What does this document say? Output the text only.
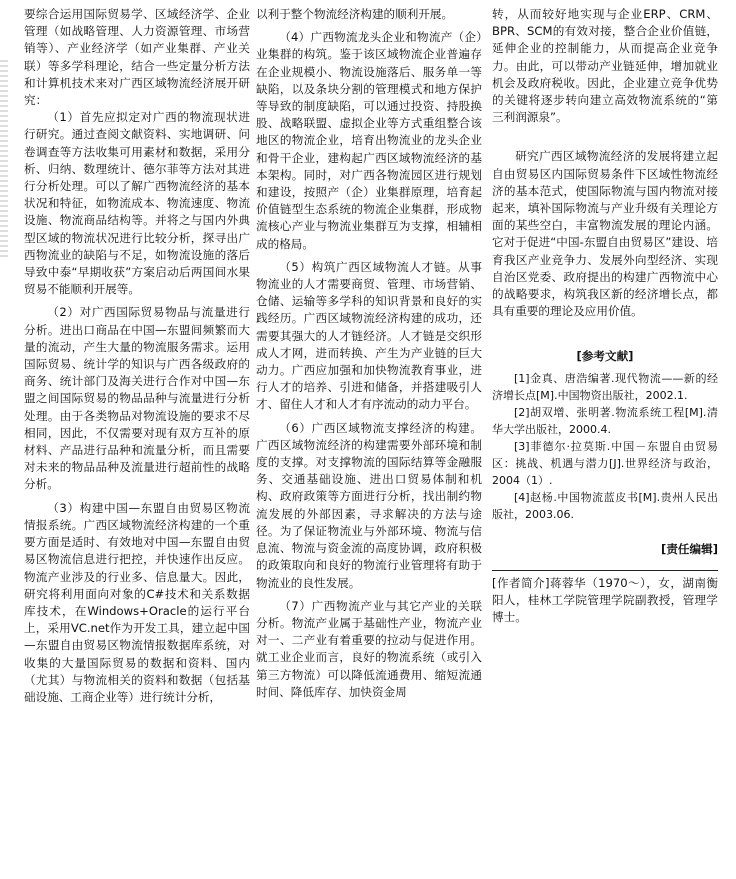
要综合运用国际贸易学、区域经济学、企业管理（如战略管理、人力资源管理、市场营销等）、产业经济学（如产业集群、产业关联）等多学科理论，结合一些定量分析方法和计算机技术来对广西区域物流经济展开研究：

（1）首先应拟定对广西的物流现状进行研究。通过查阅文献资料、实地调研、问卷调查等方法收集可用素材和数据，采用分析、归纳、数理统计、德尔菲等方法对其进行分析处理。可以了解广西物流经济的基本状况和特征，如物流成本、物流速度、物流设施、物流商品结构等。并将之与国内外典型区域的物流状况进行比较分析，探寻出广西物流业的缺陷与不足，如物流设施的落后导致中泰“早期收获”方案启动后两国间水果贸易不能顺利开展等。

（2）对广西国际贸易物品与流量进行分析。进出口商品在中国—东盟间频繁而大量的流动，产生大量的物流服务需求。运用国际贸易、统计学的知识与广西各级政府的商务、统计部门及海关进行合作对中国—东盟之间国际贸易的物品品种与流量进行分析处理。由于各类物品对物流设施的要求不尽相同，因此，不仅需要对现有双方互补的原材料、产品进行品种和流量分析，而且需要对未来的物品品种及流量进行超前性的战略分析。

（3）构建中国—东盟自由贸易区物流情报系统。广西区域物流经济构建的一个重要方面是适时、有效地对中国—东盟自由贸易区物流信息进行把控，并快速作出反应。物流产业涉及的行业多、信息量大。因此，研究将利用面向对象的C#技术和关系数据库技术，在Windows+Oracle的运行平台上，采用VC.net作为开发工具，建立起中国—东盟自由贸易区物流情报数据库系统，对收集的大量国际贸易的数据和资料、国内（尤其）与物流相关的资料和数据（包括基础设施、工商企业等）进行统计分析，

以利于整个物流经济构建的顺利开展。

（4）广西物流龙头企业和物流产（企）业集群的构筑。鉴于该区域物流企业普遍存在企业规模小、物流设施落后、服务单一等缺陷，以及条块分割的管理模式和地方保护等导致的制度缺陷，可以通过投资、持股换股、战略联盟、虚拟企业等方式重组整合该地区的物流企业，培育出物流业的龙头企业和骨干企业，建构起广西区域物流经济的基本架构。同时，对广西各物流园区进行规划和建设，按照产（企）业集群原理，培育起价值链型生态系统的物流企业集群，形成物流核心产业与物流业集群互为支撑，相辅相成的格局。

（5）构筑广西区域物流人才链。从事物流业的人才需要商贸、管理、市场营销、仓储、运输等多学科的知识背景和良好的实践经历。广西区域物流经济构建的成功，还需要其强大的人才链经济。人才链是交织形成人才网，进而转换、产生为产业链的巨大动力。广西应加强和加快物流教育事业，进行人才的培养、引进和储备，并搭建吸引人才、留住人才和人才有序流动的动力平台。

（6）广西区域物流支撑经济的构建。广西区域物流经济的构建需要外部环境和制度的支撑。对支撑物流的国际结算等金融服务、交通基础设施、进出口贸易体制和机构、政府政策等方面进行分析，找出制约物流发展的外部因素，寻求解决的方法与途径。为了保证物流业与外部环境、物流与信息流、物流与资金流的高度协调，政府积极的政策取向和良好的物流行业管理将有助于物流业的良性发展。

（7）广西物流产业与其它产业的关联分析。物流产业属于基础性产业，物流产业对一、二产业有着重要的拉动与促进作用。就工业企业而言，良好的物流系统（或引入第三方物流）可以降低流通费用、缩短流通时间、降低库存、加快资金周

转，从而较好地实现与企业ERP、CRM、BPR、SCM的有效对接，整合企业价值链，延伸企业的控制能力，从而提高企业竞争力。由此，可以带动产业链延伸，增加就业机会及政府税收。因此，企业建立竞争优势的关键将逐步转向建立高效物流系统的“第三利润源泉”。

研究广西区域物流经济的发展将建立起自由贸易区内国际贸易条件下区域性物流经济的基本范式，使国际物流与国内物流对接起来，填补国际物流与产业升级有关理论方面的某些空白，丰富物流发展的理论内涵。它对于促进“中国-东盟自由贸易区”建设、培育我区产业竞争力、发展外向型经济、实现自治区党委、政府提出的构建广西物流中心的战略要求，构筑我区新的经济增长点，都具有重要的理论及应用价值。

[参考文献]

[1]金真、唐浩编著.现代物流——新的经济增长点[M].中国物资出版社，2002.1.

[2]胡双增、张明著.物流系统工程[M].清华大学出版社，2000.4.

[3]菲德尔·拉莫斯.中国－东盟自由贸易区：挑战、机遇与潜力[J].世界经济与政治，2004（1）.

[4]赵杨.中国物流蓝皮书[M].贵州人民出版社，2003.06.

[责任编辑]
[作者简介]蒋蓉华（1970～），女，湖南衡阳人，桂林工学院管理学院副教授，管理学博士。
